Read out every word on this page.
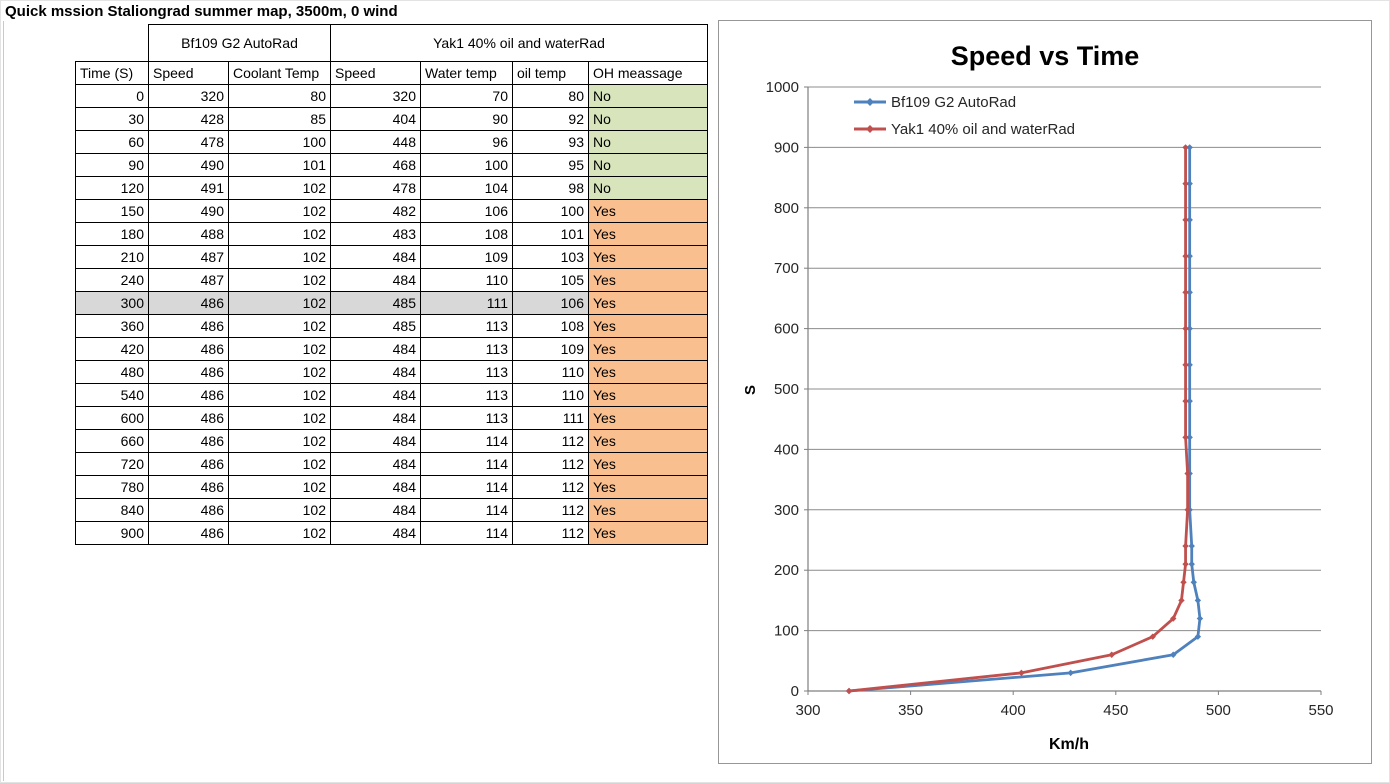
Quick mssion Staliongrad summer map, 3500m, 0 wind
	Bf109 G2 AutoRad		Yak1 40% oil and waterRad			
Time (S)	Speed	Coolant Temp	Speed	Water temp	oil temp	OH meassage
0	320	80	320	70	80	No
30	428	85	404	90	92	No
60	478	100	448	96	93	No
90	490	101	468	100	95	No
120	491	102	478	104	98	No
150	490	102	482	106	100	Yes
180	488	102	483	108	101	Yes
210	487	102	484	109	103	Yes
240	487	102	484	110	105	Yes
300	486	102	485	111	106	Yes
360	486	102	485	113	108	Yes
420	486	102	484	113	109	Yes
480	486	102	484	113	110	Yes
540	486	102	484	113	110	Yes
600	486	102	484	113	111	Yes
660	486	102	484	114	112	Yes
720	486	102	484	114	112	Yes
780	486	102	484	114	112	Yes
840	486	102	484	114	112	Yes
900	486	102	484	114	112	Yes
0
100
200
300
400
500
600
700
800
900
1000
300	350	400	450	500	550
Speed vs Time
Km/h
S
Bf109 G2 AutoRad
Yak1 40% oil and waterRad
